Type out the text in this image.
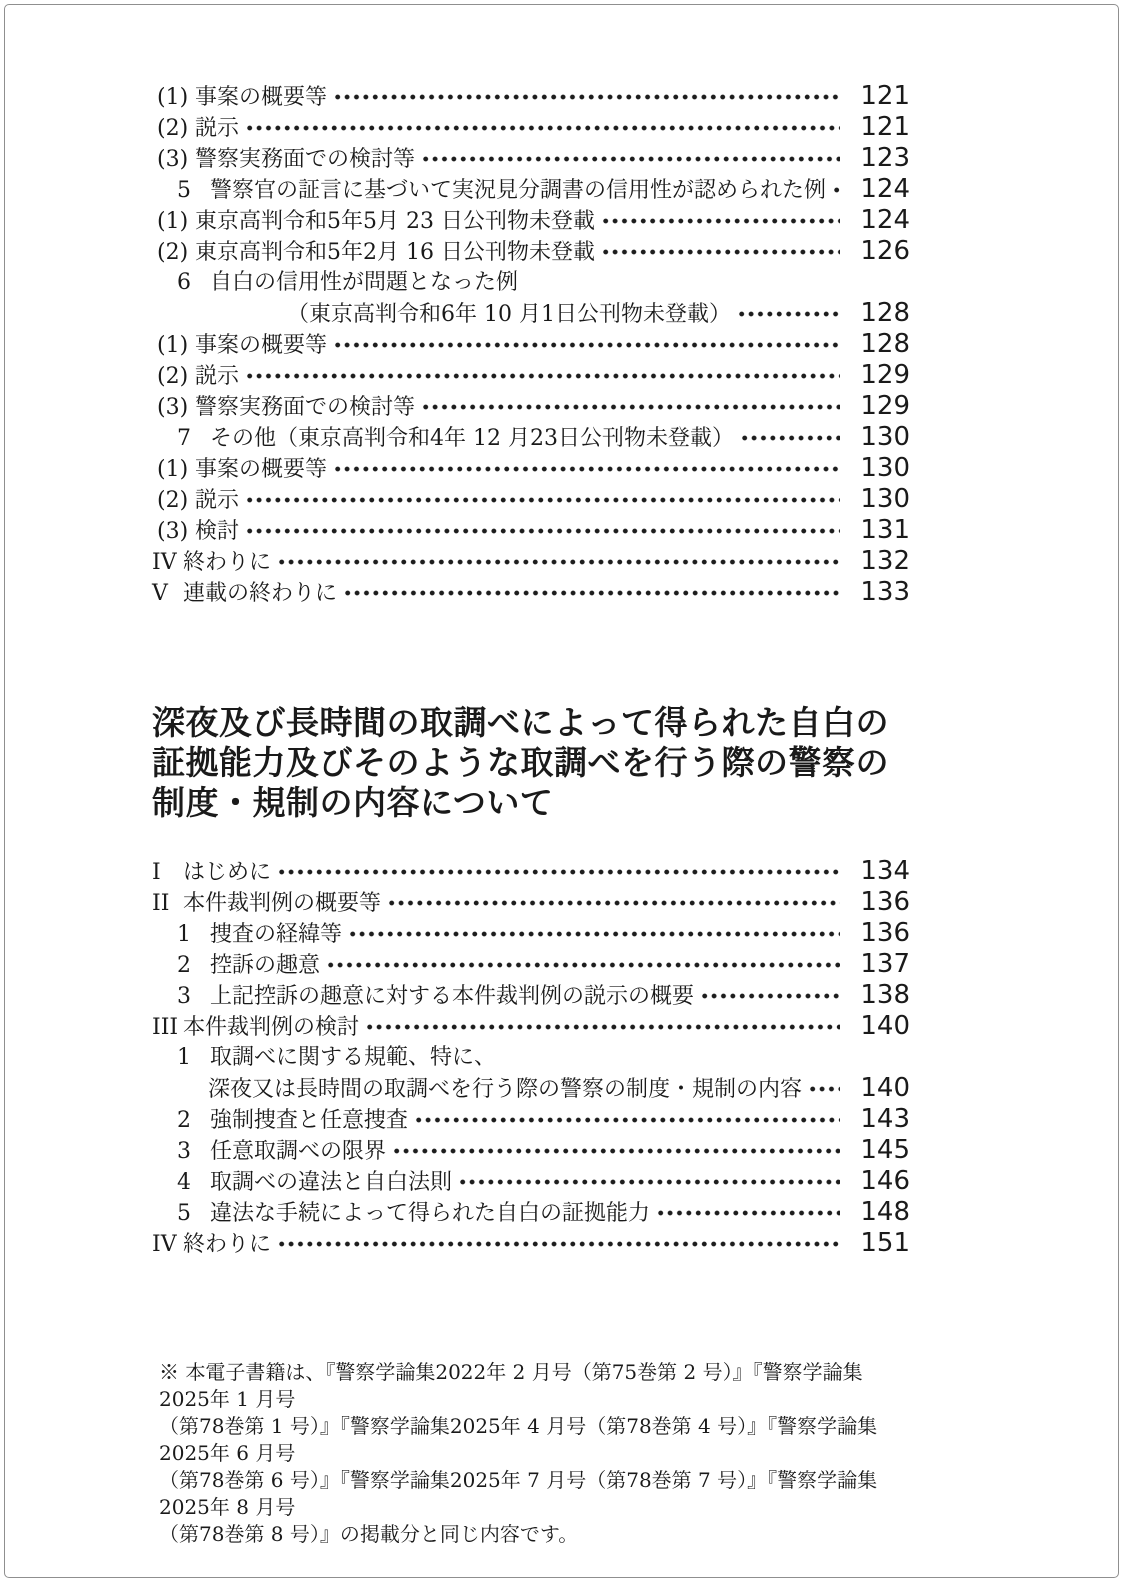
(1) 事案の概要等	121
(2) 説示	121
(3) 警察実務面での検討等	123
5 警察官の証言に基づいて実況見分調書の信用性が認められた例 124
(1) 東京高判令和5年5月 23 日公刊物未登載	124
(2) 東京高判令和5年2月 16 日公刊物未登載	126
6 自白の信用性が問題となった例
（東京高判令和6年 10 月1日公刊物未登載）	128
(1) 事案の概要等	128
(2) 説示	129
(3) 警察実務面での検討等	129
7 その他（東京高判令和4年 12 月23日公刊物未登載）	130
(1) 事案の概要等	130
(2) 説示	130
(3) 検討	131
IV 終わりに	132
V 連載の終わりに	133
深夜及び長時間の取調べによって得られた自白の
証拠能力及びそのような取調べを行う際の警察の
制度・規制の内容について
I	はじめに	134
II 本件裁判例の概要等	136
1 捜査の経緯等	136
2 控訴の趣意	137
3 上記控訴の趣意に対する本件裁判例の説示の概要	138
III 本件裁判例の検討	140
1 取調べに関する規範、特に、
深夜又は長時間の取調べを行う際の警察の制度・規制の内容 140
2 強制捜査と任意捜査	143
3 任意取調べの限界	145
4 取調べの違法と自白法則	146
5 違法な手続によって得られた自白の証拠能力	148
IV 終わりに	151
※ 本電子書籍は、『警察学論集2022年 2 月号（第75巻第 2 号）』『警察学論集2025年 1 月号
（第78巻第 1 号）』『警察学論集2025年 4 月号（第78巻第 4 号）』『警察学論集2025年 6 月号
（第78巻第 6 号）』『警察学論集2025年 7 月号（第78巻第 7 号）』『警察学論集2025年 8 月号
（第78巻第 8 号）』の掲載分と同じ内容です。
